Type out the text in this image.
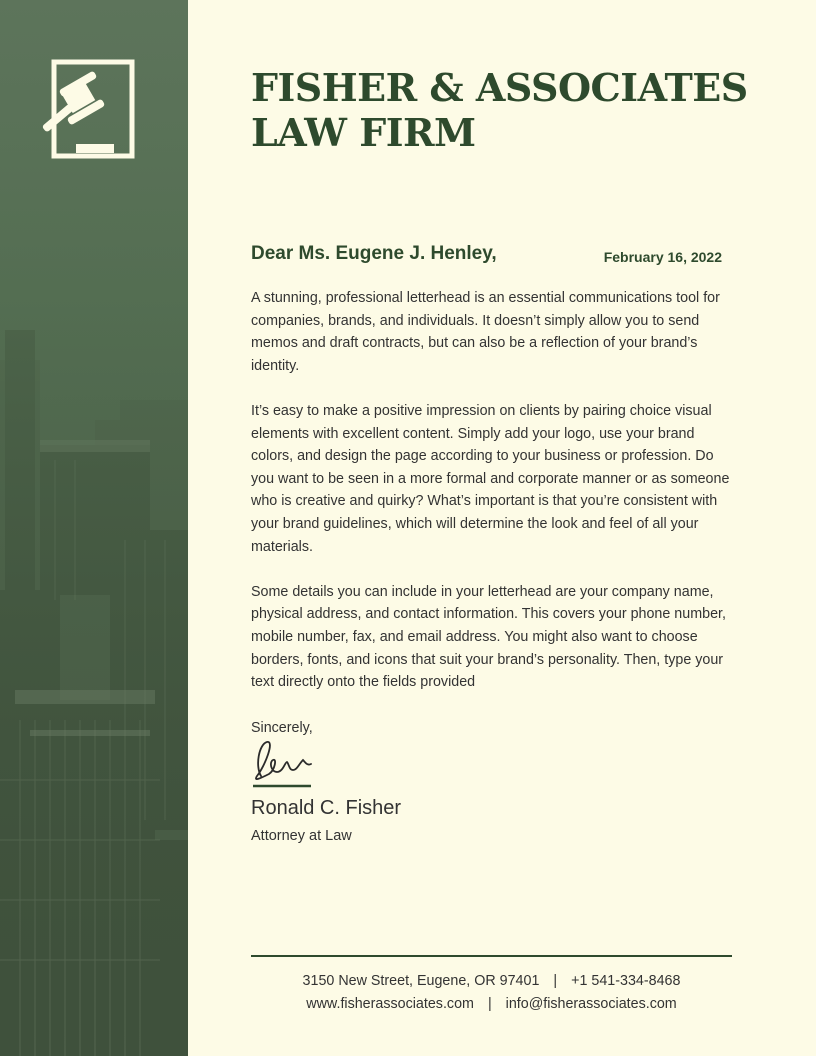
FISHER & ASSOCIATES
LAW FIRM
Dear Ms. Eugene J. Henley,	February 16, 2022

A stunning, professional letterhead is an essential communications tool for companies, brands, and individuals. It doesn’t simply allow you to send memos and draft contracts, but can also be a reflection of your brand’s identity.

It’s easy to make a positive impression on clients by pairing choice visual elements with excellent content. Simply add your logo, use your brand colors, and design the page according to your business or profession. Do you want to be seen in a more formal and corporate manner or as someone who is creative and quirky? What’s important is that you’re consistent with your brand guidelines, which will determine the look and feel of all your materials.

Some details you can include in your letterhead are your company name, physical address, and contact information. This covers your phone number, mobile number, fax, and email address. You might also want to choose borders, fonts, and icons that suit your brand’s personality. Then, type your text directly onto the fields provided

Sincerely,
Ronald C. Fisher
Attorney at Law
3150 New Street, Eugene, OR 97401 | +1 541-334-8468
www.fisherassociates.com | info@fisherassociates.com
